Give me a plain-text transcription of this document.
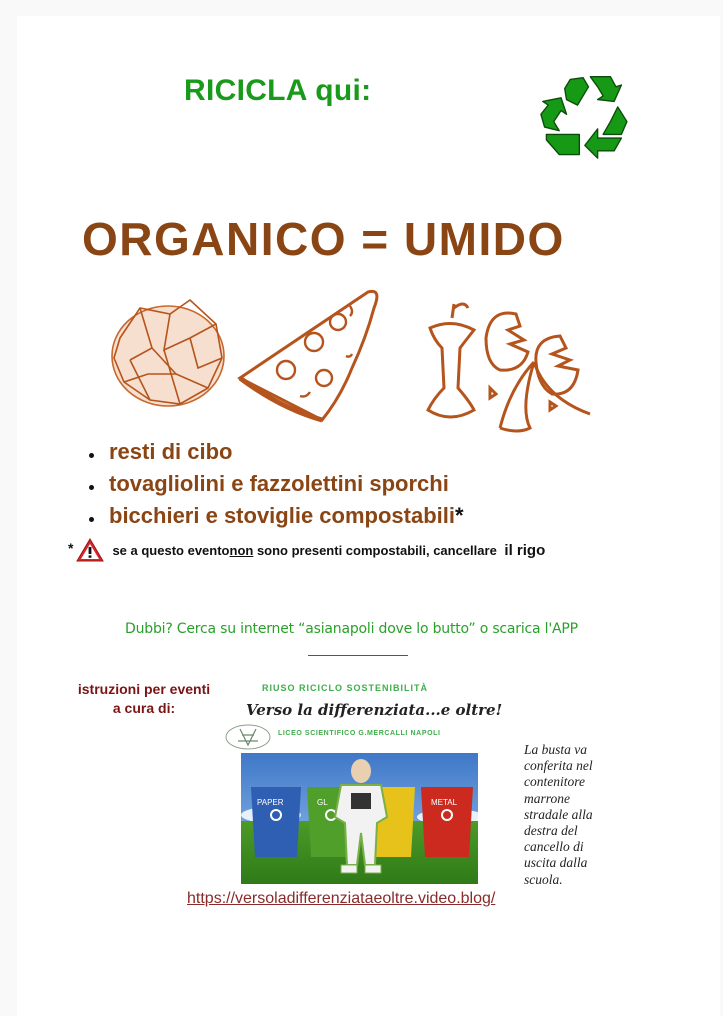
RICICLA qui:
ORGANICO = UMIDO
resti di cibo
tovagliolini e fazzolettini sporchi
bicchieri e stoviglie compostabili*
*	se a questo evento non sono presenti compostabili, cancellare il rigo
Dubbi? Cerca su internet “asianapoli dove lo butto” o scarica l'APP
istruzioni per eventi
a cura di:
RIUSO RICICLO SOSTENIBILITÀ
Verso la differenziata...e oltre!
LICEO SCIENTIFICO G.MERCALLI NAPOLI
PAPER	GL	METAL
La busta va conferita nel contenitore marrone stradale alla destra del cancello di uscita dalla scuola.
https://versoladifferenziataeoltre.video.blog/
